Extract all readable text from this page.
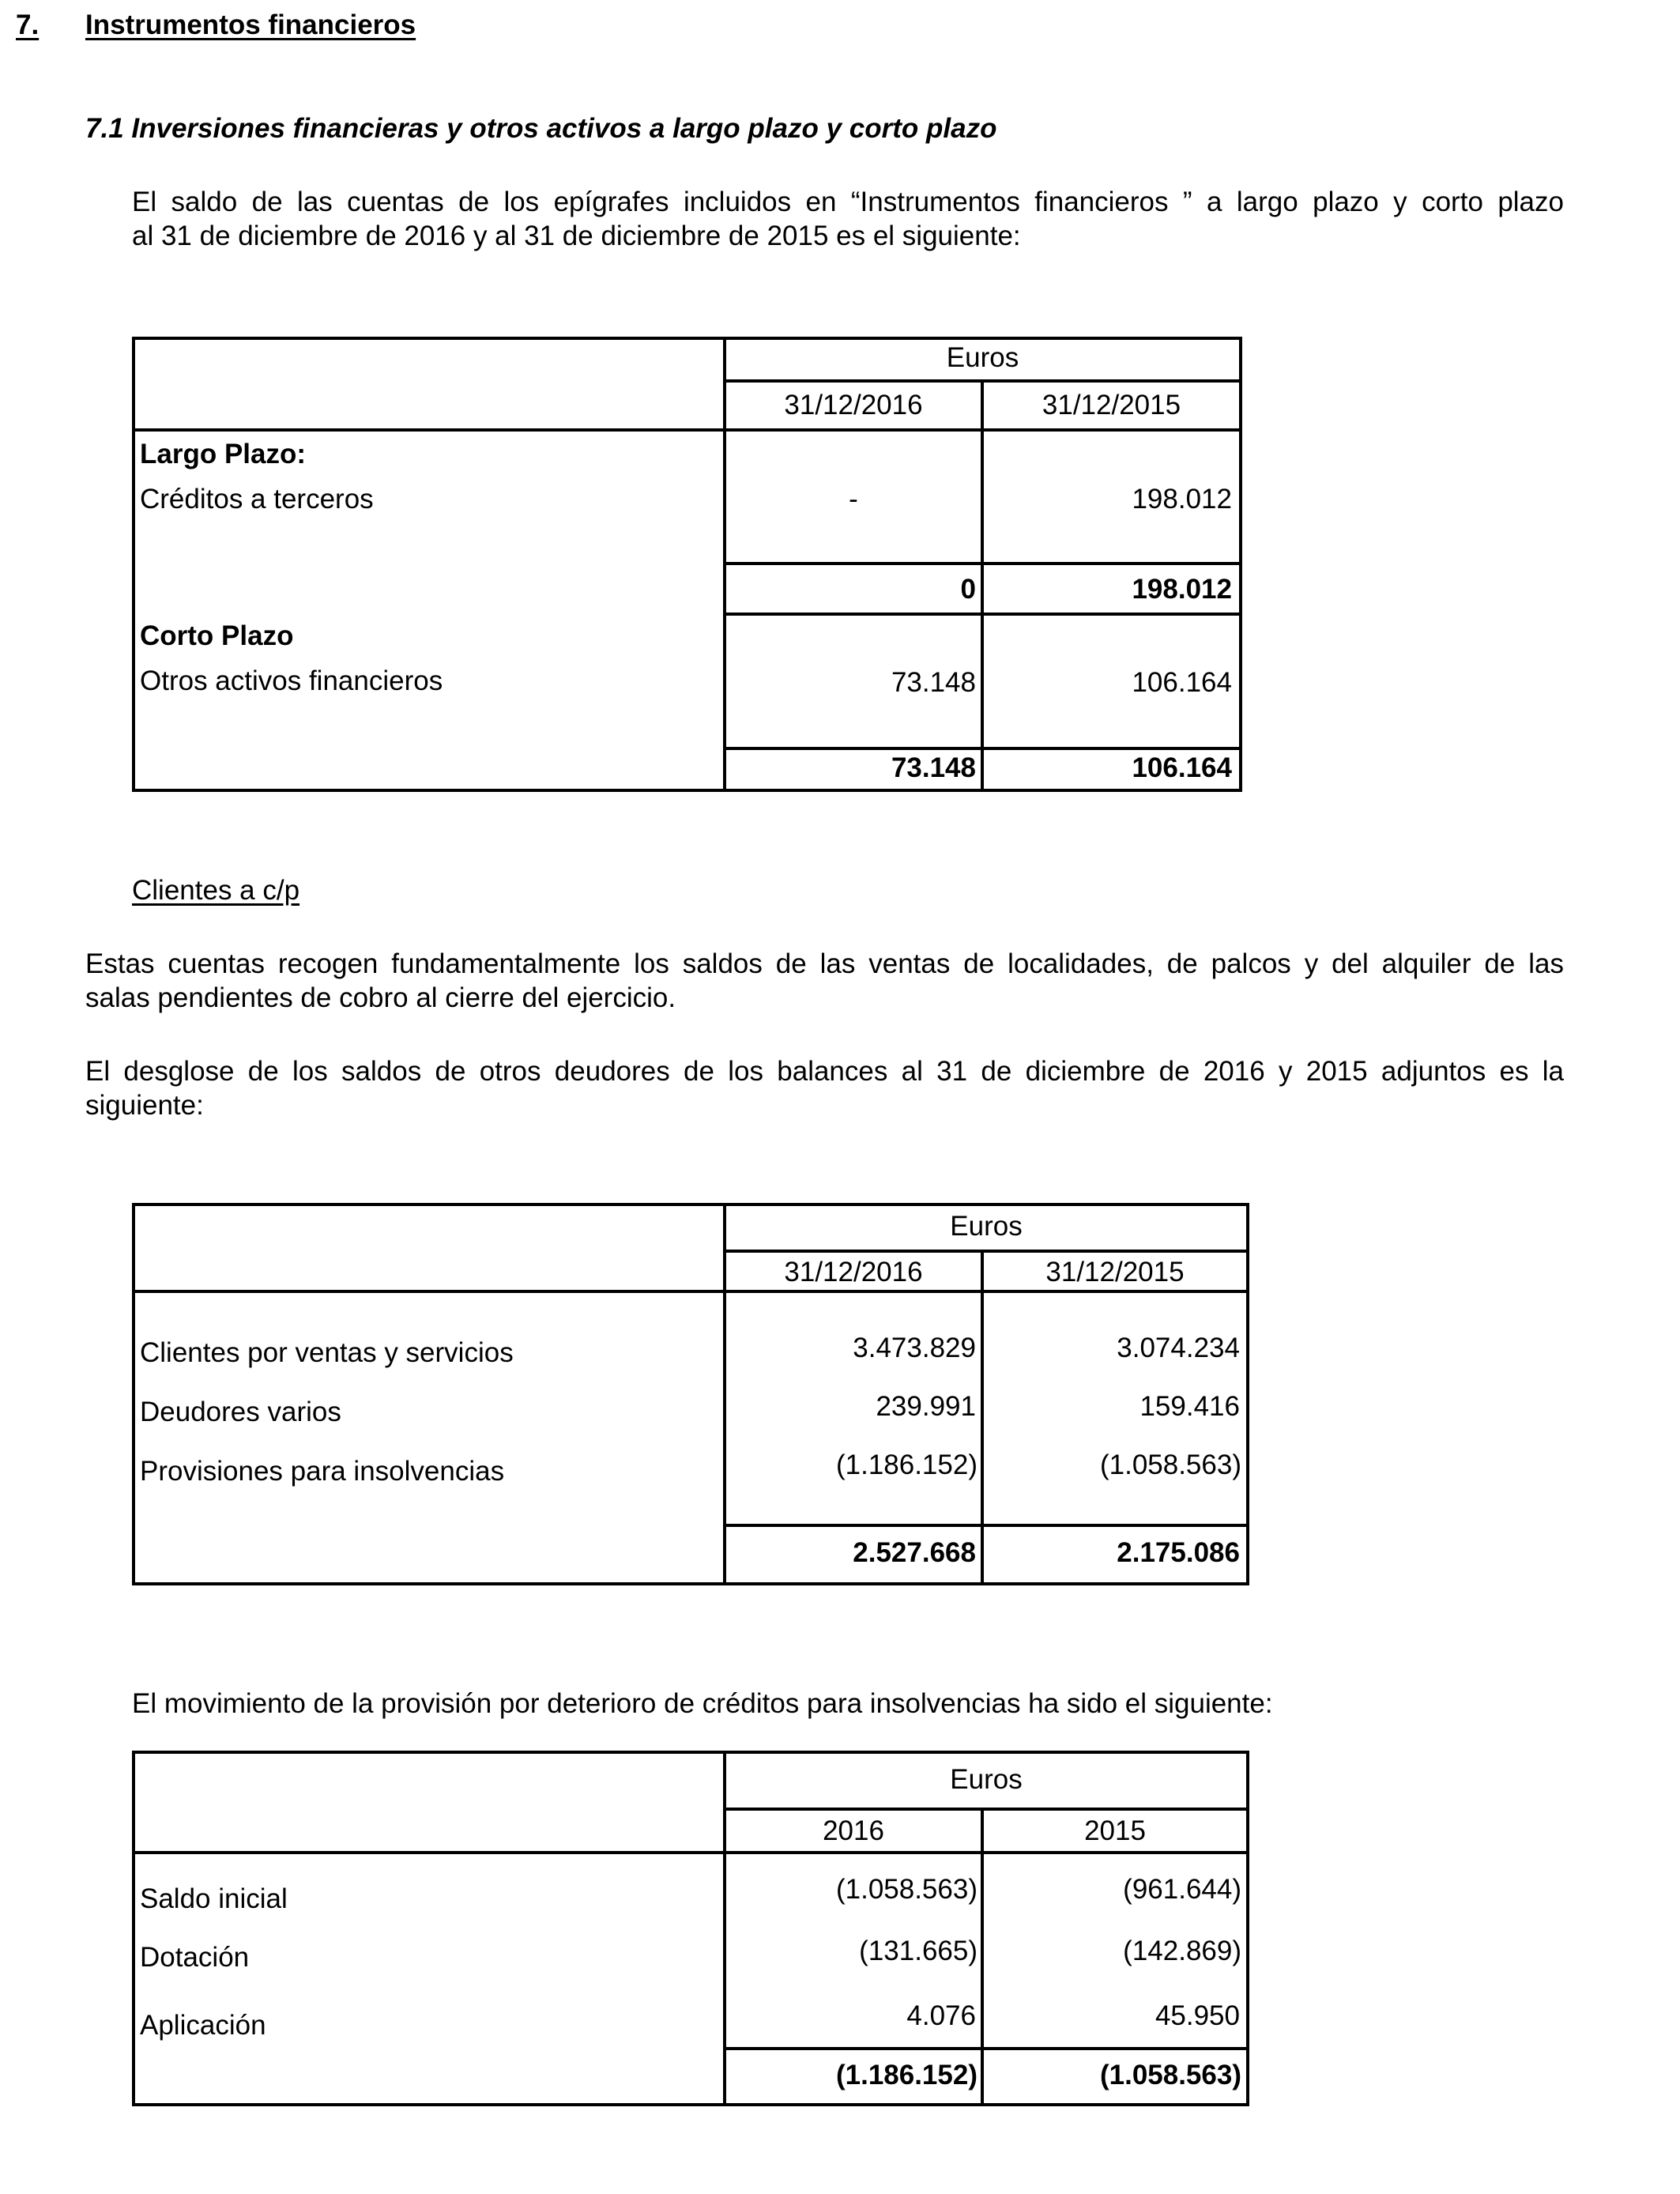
7. Instrumentos financieros
7.1 Inversiones financieras y otros activos a largo plazo y corto plazo
El saldo de las cuentas de los epígrafes incluidos en “Instrumentos financieros ” a largo plazo y corto plazo
al 31 de diciembre de 2016 y al 31 de diciembre de 2015 es el siguiente:
Euros
31/12/2016	31/12/2015
Largo Plazo:
Créditos a terceros	-	198.012
0	198.012
Corto Plazo
Otros activos financieros	73.148	106.164
73.148	106.164
Clientes a c/p
Estas cuentas recogen fundamentalmente los saldos de las ventas de localidades, de palcos y del alquiler de las
salas pendientes de cobro al cierre del ejercicio.
El desglose de los saldos de otros deudores de los balances al 31 de diciembre de 2016 y 2015 adjuntos es la
siguiente:
Euros
31/12/2016	31/12/2015
Clientes por ventas y servicios	3.473.829	3.074.234
Deudores varios	239.991	159.416
Provisiones para insolvencias	(1.186.152)	(1.058.563)
2.527.668	2.175.086
El movimiento de la provisión por deterioro de créditos para insolvencias ha sido el siguiente:
Euros
2016	2015
Saldo inicial	(1.058.563)	(961.644)
Dotación	(131.665)	(142.869)
Aplicación	4.076	45.950
(1.186.152)	(1.058.563)
